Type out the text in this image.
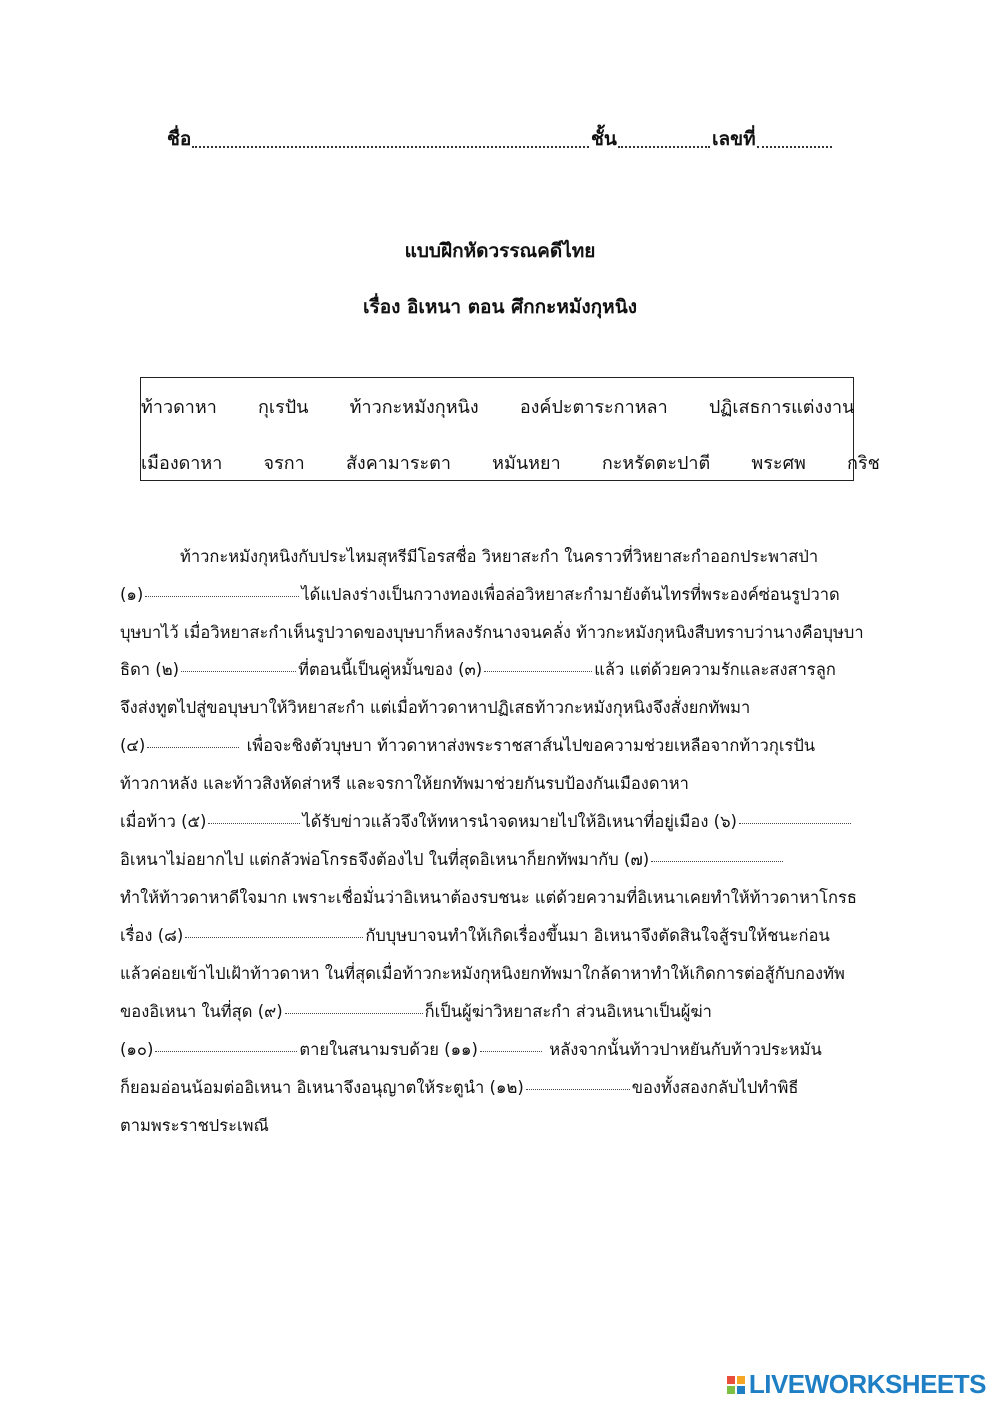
ชื่อ	ชั้น	เลขที่
แบบฝึกหัดวรรณคดีไทย
เรื่อง อิเหนา ตอน ศึกกะหมังกุหนิง
ท้าวดาหา   กุเรปัน   ท้าวกะหมังกุหนิง   องค์ปะตาระกาหลา   ปฏิเสธการแต่งงาน
เมืองดาหา   จรกา   สังคามาระตา   หมันหยา   กะหรัดตะปาตี   พระศพ   กริช
ท้าวกะหมังกุหนิงกับประไหมสุหรีมีโอรสชื่อ วิหยาสะกำ ในคราวที่วิหยาสะกำออกประพาสป่า
(๑)	ได้แปลงร่างเป็นกวางทองเพื่อล่อวิหยาสะกำมายังต้นไทรที่พระองค์ซ่อนรูปวาด
บุษบาไว้ เมื่อวิหยาสะกำเห็นรูปวาดของบุษบาก็หลงรักนางจนคลั่ง ท้าวกะหมังกุหนิงสืบทราบว่านางคือบุษบา
ธิดา (๒)	ที่ตอนนี้เป็นคู่หมั้นของ (๓)	แล้ว แต่ด้วยความรักและสงสารลูก
จึงส่งทูตไปสู่ขอบุษบาให้วิหยาสะกำ แต่เมื่อท้าวดาหาปฏิเสธท้าวกะหมังกุหนิงจึงสั่งยกทัพมา
(๔)	เพื่อจะชิงตัวบุษบา ท้าวดาหาส่งพระราชสาส์นไปขอความช่วยเหลือจากท้าวกุเรปัน
ท้าวกาหลัง และท้าวสิงหัดส่าหรี และจรกาให้ยกทัพมาช่วยกันรบป้องกันเมืองดาหา
เมื่อท้าว (๕)	ได้รับข่าวแล้วจึงให้ทหารนำจดหมายไปให้อิเหนาที่อยู่เมือง (๖)
อิเหนาไม่อยากไป แต่กลัวพ่อโกรธจึงต้องไป ในที่สุดอิเหนาก็ยกทัพมากับ (๗)
ทำให้ท้าวดาหาดีใจมาก เพราะเชื่อมั่นว่าอิเหนาต้องรบชนะ แต่ด้วยความที่อิเหนาเคยทำให้ท้าวดาหาโกรธ
เรื่อง (๘)	กับบุษบาจนทำให้เกิดเรื่องขึ้นมา อิเหนาจึงตัดสินใจสู้รบให้ชนะก่อน
แล้วค่อยเข้าไปเฝ้าท้าวดาหา ในที่สุดเมื่อท้าวกะหมังกุหนิงยกทัพมาใกล้ดาหาทำให้เกิดการต่อสู้กับกองทัพ
ของอิเหนา ในที่สุด (๙)	ก็เป็นผู้ฆ่าวิหยาสะกำ ส่วนอิเหนาเป็นผู้ฆ่า
(๑๐)	ตายในสนามรบด้วย (๑๑)	หลังจากนั้นท้าวปาหยันกับท้าวประหมัน
ก็ยอมอ่อนน้อมต่ออิเหนา อิเหนาจึงอนุญาตให้ระตูนำ (๑๒)	ของทั้งสองกลับไปทำพิธี
ตามพระราชประเพณี
LIVEWORKSHEETS
